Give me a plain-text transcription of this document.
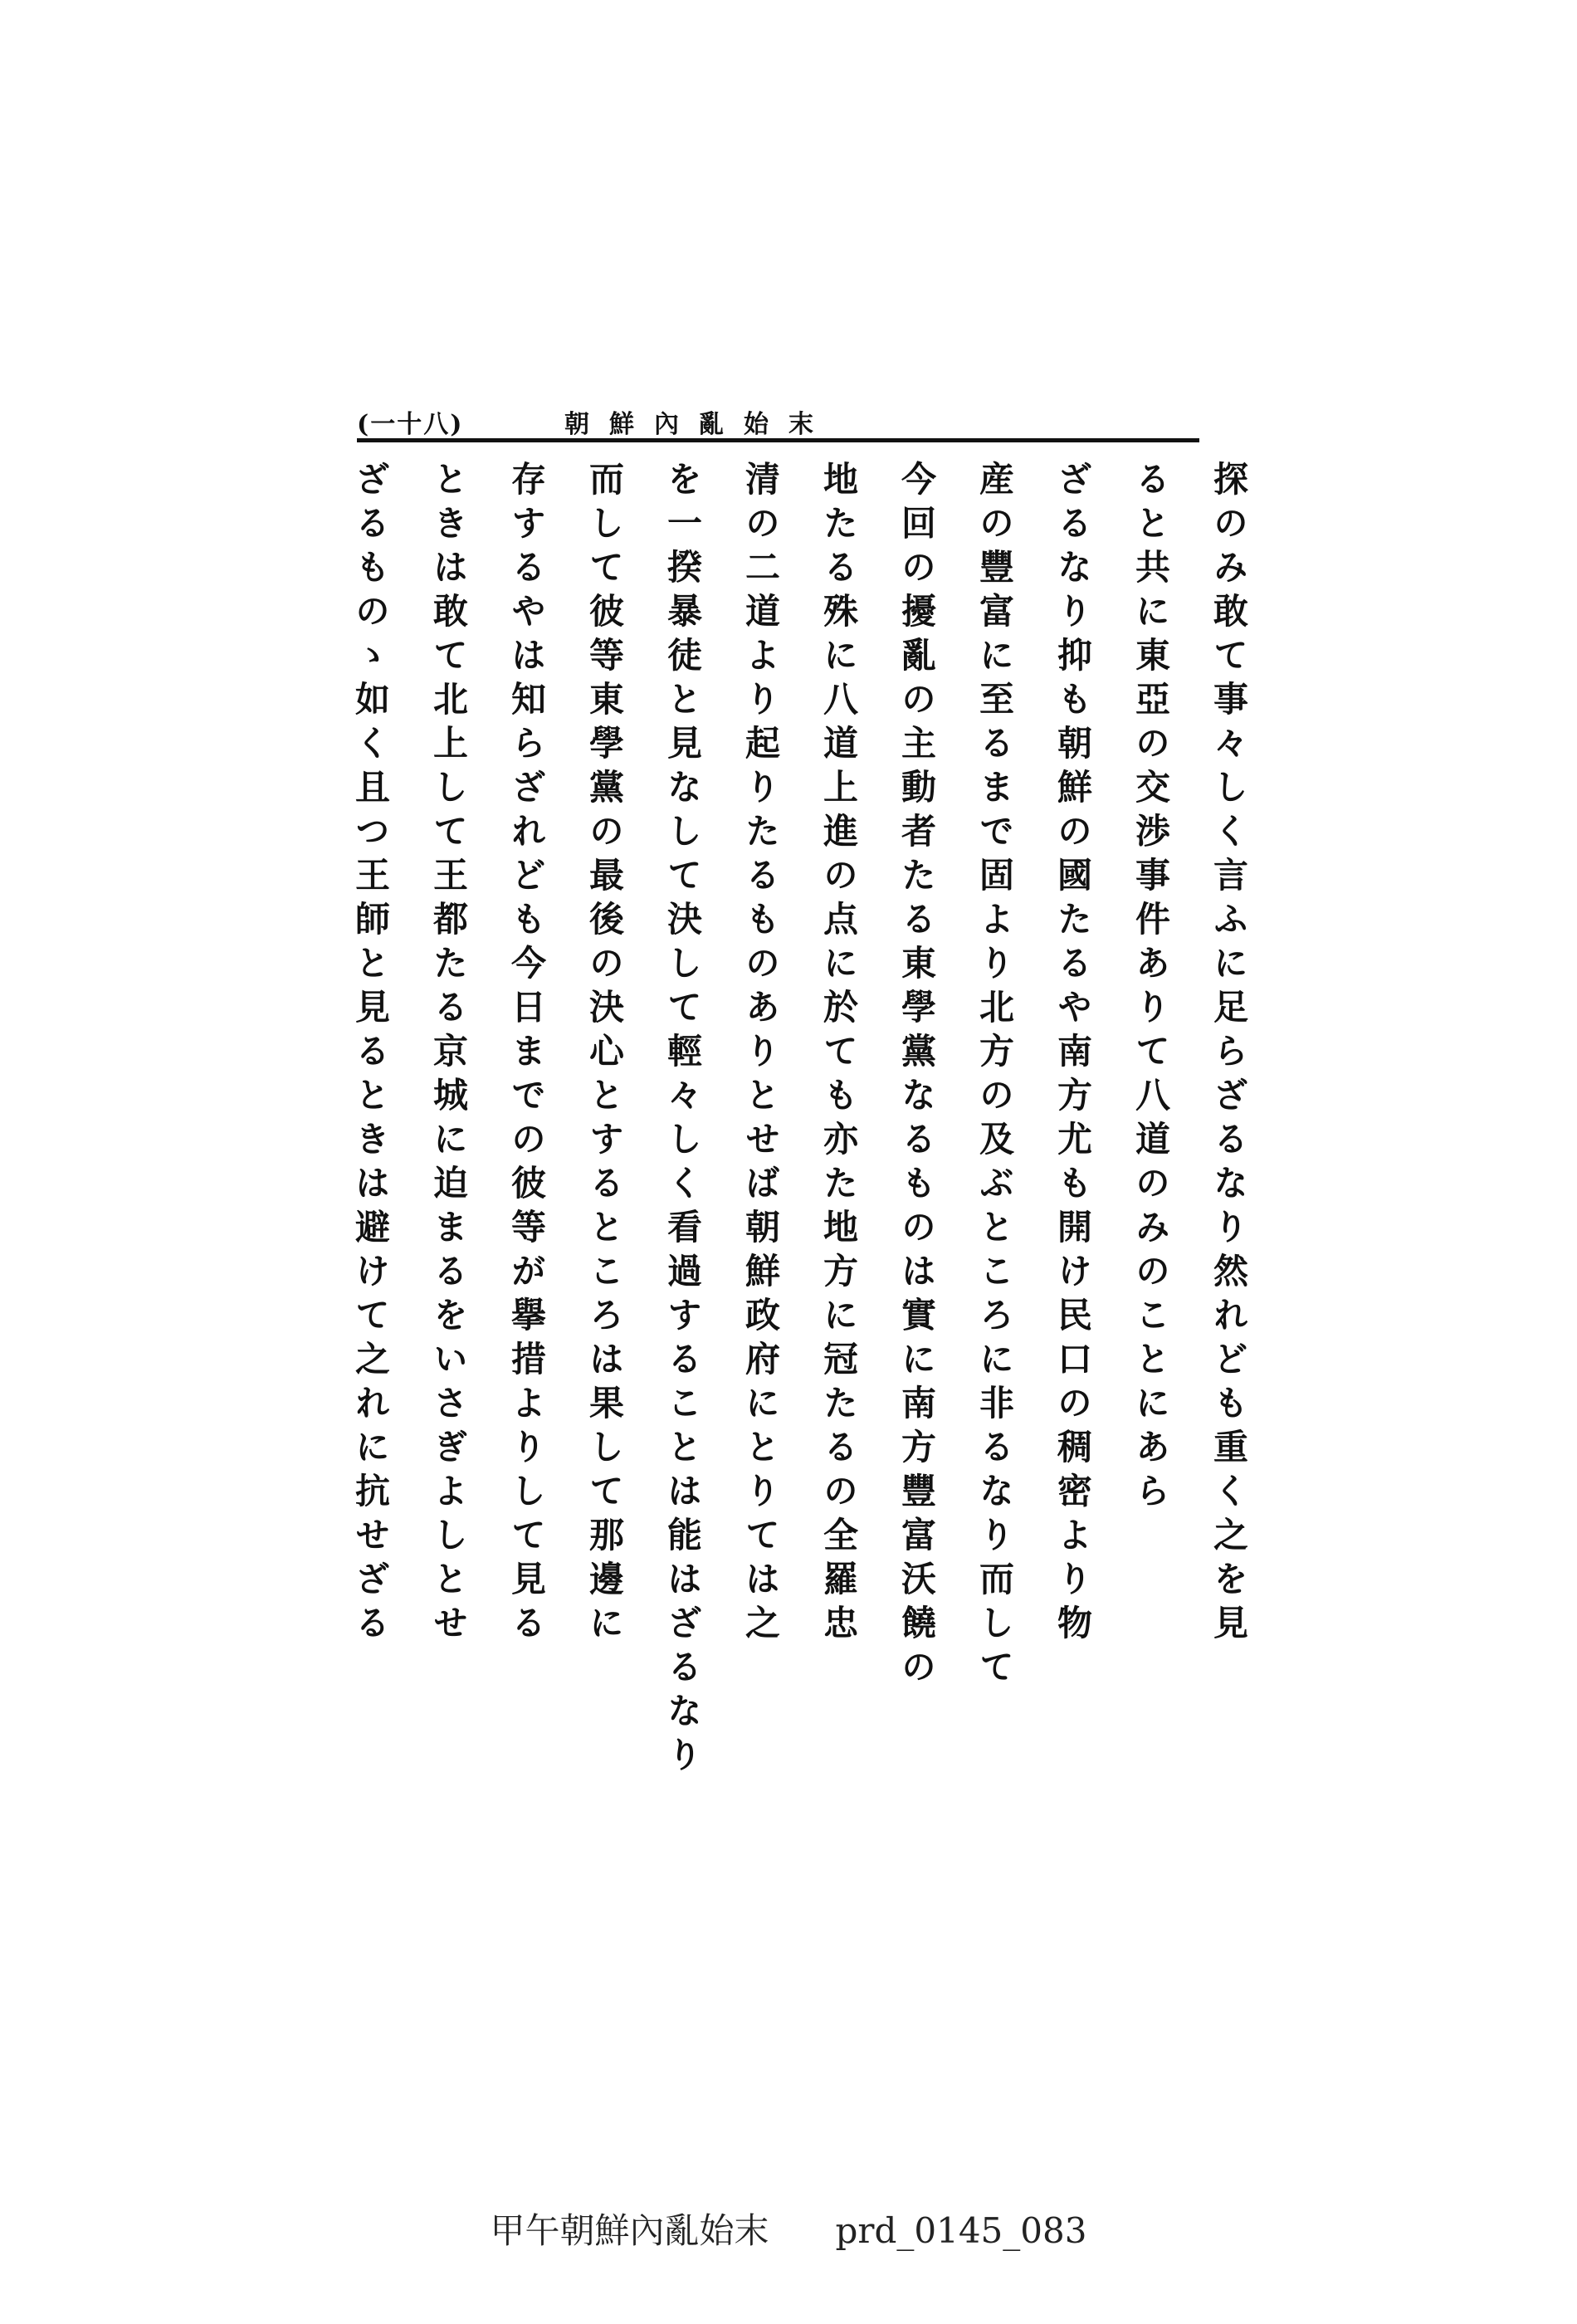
(一十八)	朝鮮內亂始末
探のみ敢て事々しく言ふに足らざるなり然れども重く之を見
ると共に東亞の交渉事件ありて八道のみのことにあら
ざるなり抑も朝鮮の國たるや南方尤も開け民口の稠密より物
産の豐富に至るまで固より北方の及ぶところに非るなり而して
今回の擾亂の主動者たる東學黨なるものは實に南方豐富沃饒の
地たる殊に八道上進の点に於ても亦た地方に冠たるの全羅忠
清の二道より起りたるものありとせば朝鮮政府にとりては之
を一揆暴徒と見なして決して輕々しく看過することは能はざるなり
而して彼等東學黨の最後の決心とするところは果して那邊に
存するやは知らざれども今日までの彼等が擧措よりして見る
ときは敢て北上して王都たる京城に迫まるをいさぎよしとせ
ざるものゝ如く且つ王師と見るときは避けて之れに抗せざる
甲午朝鮮內亂始末 prd_0145_083
